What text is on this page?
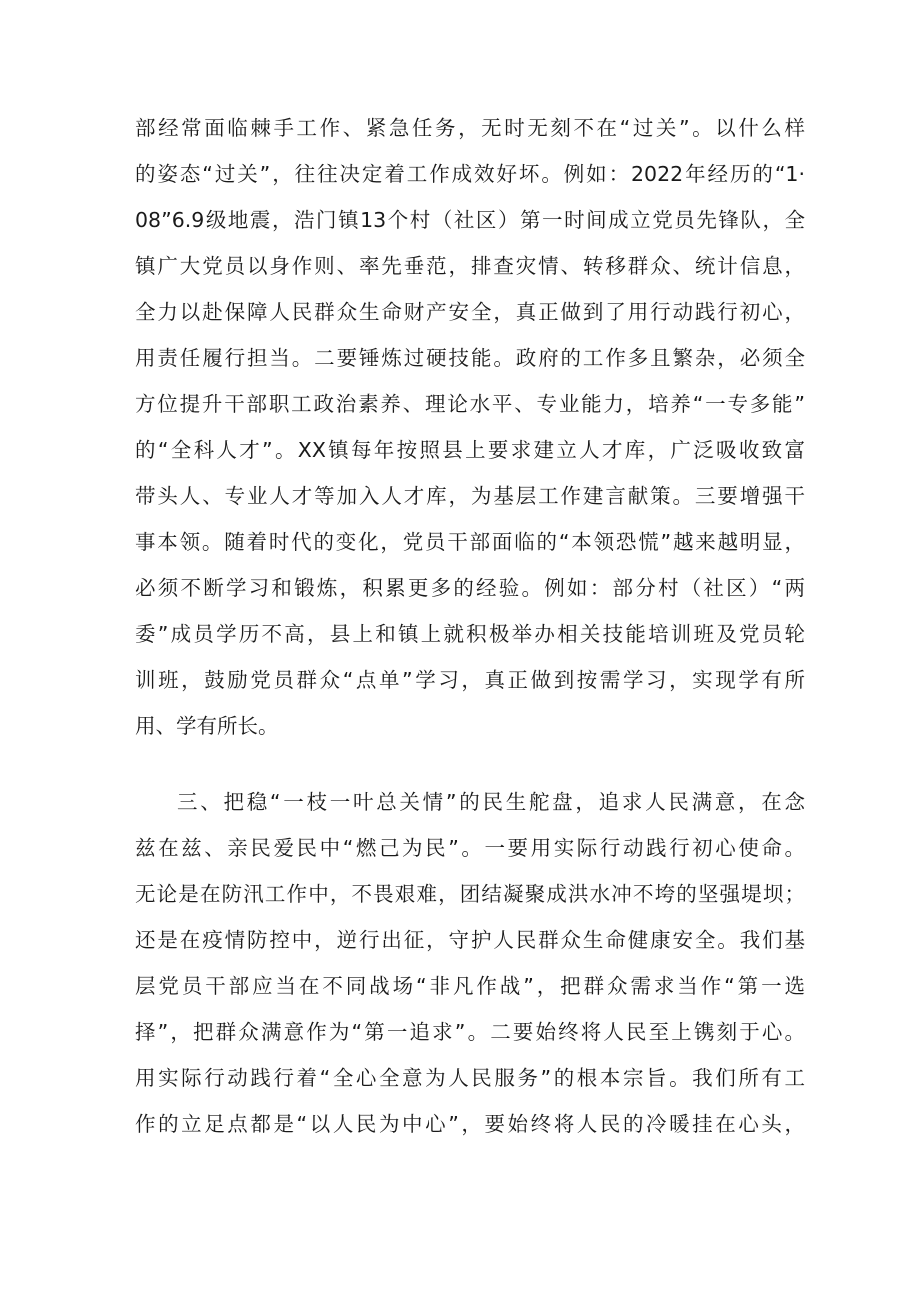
部经常面临棘手工作、紧急任务，无时无刻不在“过关”。以什么样
的姿态“过关”，往往决定着工作成效好坏。例如：2022年经历的“1·
08”6.9级地震，浩门镇13个村（社区）第一时间成立党员先锋队，全
镇广大党员以身作则、率先垂范，排查灾情、转移群众、统计信息，
全力以赴保障人民群众生命财产安全，真正做到了用行动践行初心，
用责任履行担当。二要锤炼过硬技能。政府的工作多且繁杂，必须全
方位提升干部职工政治素养、理论水平、专业能力，培养“一专多能”
的“全科人才”。XX镇每年按照县上要求建立人才库，广泛吸收致富
带头人、专业人才等加入人才库，为基层工作建言献策。三要增强干
事本领。随着时代的变化，党员干部面临的“本领恐慌”越来越明显，
必须不断学习和锻炼，积累更多的经验。例如：部分村（社区）“两
委”成员学历不高，县上和镇上就积极举办相关技能培训班及党员轮
训班，鼓励党员群众“点单”学习，真正做到按需学习，实现学有所
用、学有所长。
三、把稳“一枝一叶总关情”的民生舵盘，追求人民满意，在念
兹在兹、亲民爱民中“燃己为民”。一要用实际行动践行初心使命。
无论是在防汛工作中，不畏艰难，团结凝聚成洪水冲不垮的坚强堤坝；
还是在疫情防控中，逆行出征，守护人民群众生命健康安全。我们基
层党员干部应当在不同战场“非凡作战”，把群众需求当作“第一选
择”，把群众满意作为“第一追求”。二要始终将人民至上镌刻于心。
用实际行动践行着“全心全意为人民服务”的根本宗旨。我们所有工
作的立足点都是“以人民为中心”，要始终将人民的冷暖挂在心头，
